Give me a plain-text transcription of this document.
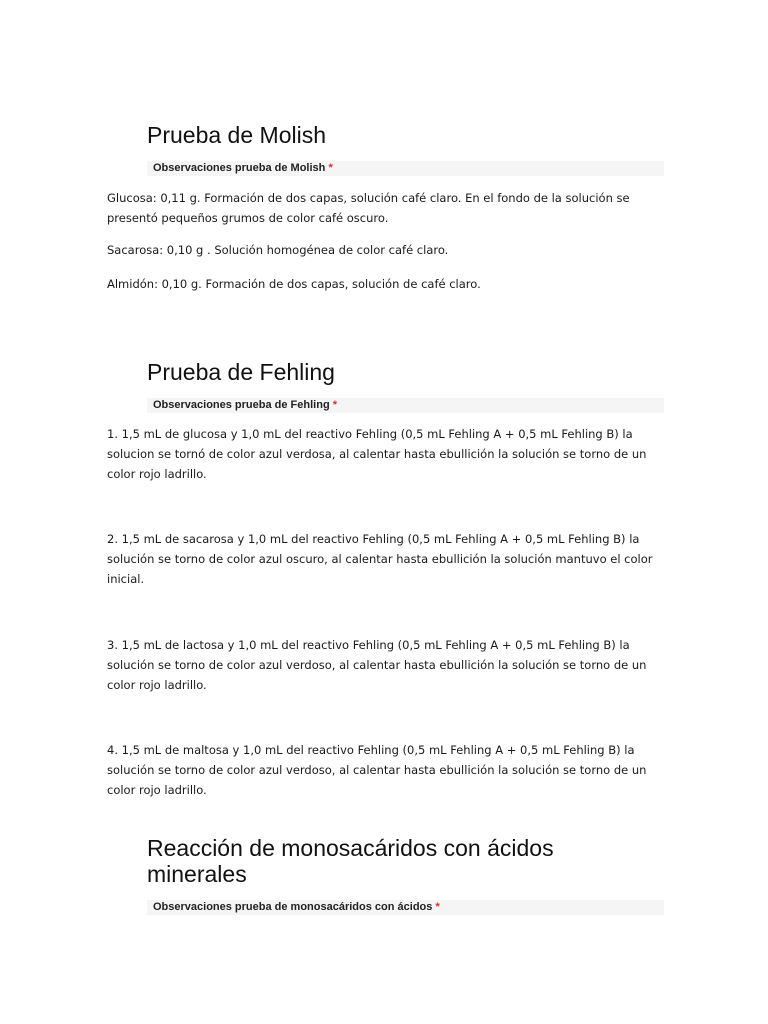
Prueba de Molish
Observaciones prueba de Molish *

Glucosa: 0,11 g. Formación de dos capas, solución café claro. En el fondo de la solución se presentó pequeños grumos de color café oscuro.

Sacarosa: 0,10 g . Solución homogénea de color café claro.

Almidón: 0,10 g. Formación de dos capas, solución de café claro.

Prueba de Fehling
Observaciones prueba de Fehling *

1. 1,5 mL de glucosa y 1,0 mL del reactivo Fehling (0,5 mL Fehling A + 0,5 mL Fehling B) la solucion se tornó de color azul verdosa, al calentar hasta ebullición la solución se torno de un color rojo ladrillo.

2. 1,5 mL de sacarosa y 1,0 mL del reactivo Fehling (0,5 mL Fehling A + 0,5 mL Fehling B) la solución se torno de color azul oscuro, al calentar hasta ebullición la solución mantuvo el color inicial.

3. 1,5 mL de lactosa y 1,0 mL del reactivo Fehling (0,5 mL Fehling A + 0,5 mL Fehling B) la solución se torno de color azul verdoso, al calentar hasta ebullición la solución se torno de un color rojo ladrillo.

4. 1,5 mL de maltosa y 1,0 mL del reactivo Fehling (0,5 mL Fehling A + 0,5 mL Fehling B) la solución se torno de color azul verdoso, al calentar hasta ebullición la solución se torno de un color rojo ladrillo.

Reacción de monosacáridos con ácidos minerales
Observaciones prueba de monosacáridos con ácidos *
